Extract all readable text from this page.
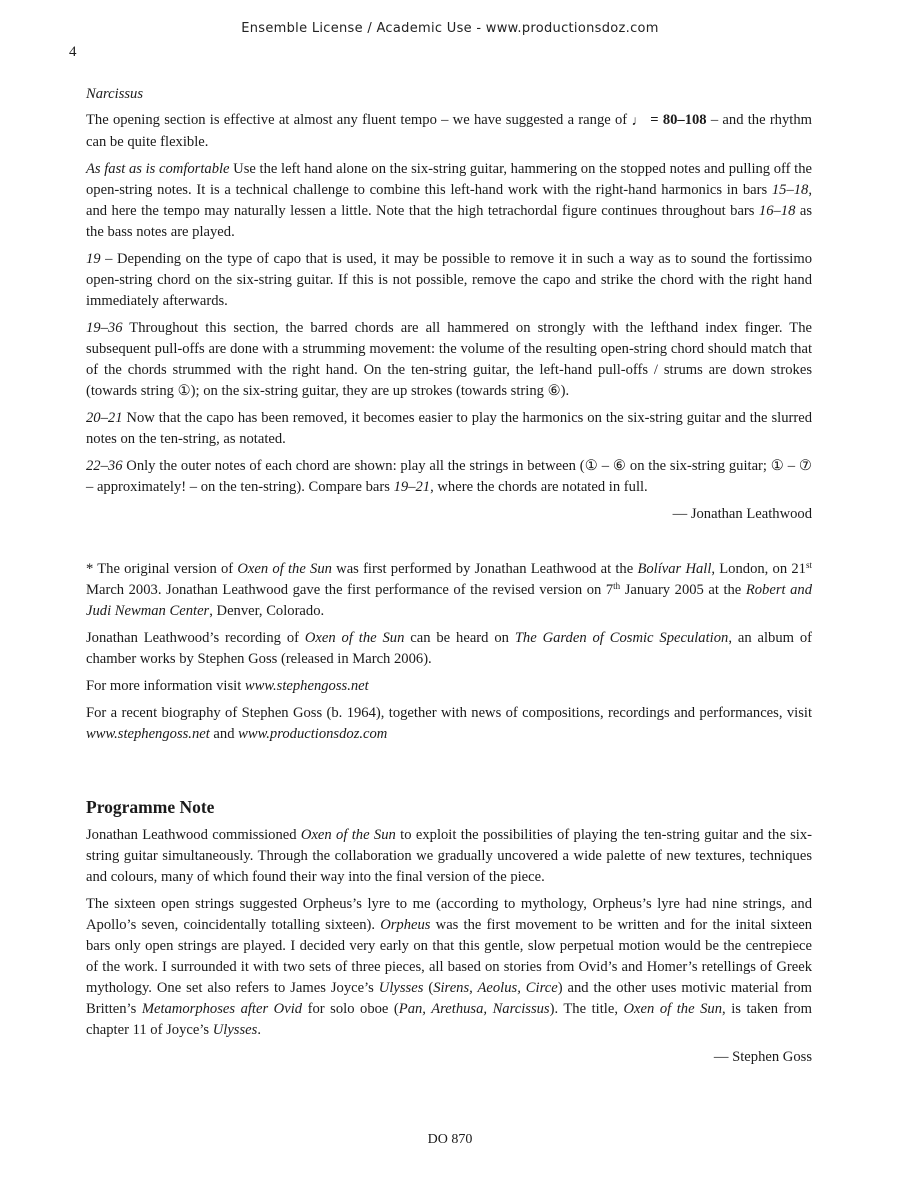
Ensemble License / Academic Use - www.productionsdoz.com
4

Narcissus

The opening section is effective at almost any fluent tempo – we have suggested a range of ♩ = 80–108 – and the rhythm can be quite flexible.

As fast as is comfortable Use the left hand alone on the six-string guitar, hammering on the stopped notes and pulling off the open-string notes. It is a technical challenge to combine this left-hand work with the right-hand harmonics in bars 15–18, and here the tempo may naturally lessen a little. Note that the high tetrachordal figure continues throughout bars 16–18 as the bass notes are played.

19 – Depending on the type of capo that is used, it may be possible to remove it in such a way as to sound the fortissimo open-string chord on the six-string guitar. If this is not possible, remove the capo and strike the chord with the right hand immediately afterwards.

19–36 Throughout this section, the barred chords are all hammered on strongly with the lefthand index finger. The subsequent pull-offs are done with a strumming movement: the volume of the resulting open-string chord should match that of the chords strummed with the right hand. On the ten-string guitar, the left-hand pull-offs / strums are down strokes (towards string ①); on the six-string guitar, they are up strokes (towards string ⑥).

20–21 Now that the capo has been removed, it becomes easier to play the harmonics on the six-string guitar and the slurred notes on the ten-string, as notated.

22–36 Only the outer notes of each chord are shown: play all the strings in between (① – ⑥ on the six-string guitar; ① – ⑦ – approximately! – on the ten-string). Compare bars 19–21, where the chords are notated in full.

— Jonathan Leathwood

* The original version of Oxen of the Sun was first performed by Jonathan Leathwood at the Bolívar Hall, London, on 21st March 2003. Jonathan Leathwood gave the first performance of the revised version on 7th January 2005 at the Robert and Judi Newman Center, Denver, Colorado.

Jonathan Leathwood’s recording of Oxen of the Sun can be heard on The Garden of Cosmic Speculation, an album of chamber works by Stephen Goss (released in March 2006).

For more information visit www.stephengoss.net

For a recent biography of Stephen Goss (b. 1964), together with news of compositions, recordings and performances, visit www.stephengoss.net and www.productionsdoz.com

Programme Note

Jonathan Leathwood commissioned Oxen of the Sun to exploit the possibilities of playing the ten-string guitar and the six-string guitar simultaneously. Through the collaboration we gradually uncovered a wide palette of new textures, techniques and colours, many of which found their way into the final version of the piece.

The sixteen open strings suggested Orpheus’s lyre to me (according to mythology, Orpheus’s lyre had nine strings, and Apollo’s seven, coincidentally totalling sixteen). Orpheus was the first movement to be written and for the inital sixteen bars only open strings are played. I decided very early on that this gentle, slow perpetual motion would be the centrepiece of the work. I surrounded it with two sets of three pieces, all based on stories from Ovid’s and Homer’s retellings of Greek mythology. One set also refers to James Joyce’s Ulysses (Sirens, Aeolus, Circe) and the other uses motivic material from Britten’s Metamorphoses after Ovid for solo oboe (Pan, Arethusa, Narcissus). The title, Oxen of the Sun, is taken from chapter 11 of Joyce’s Ulysses.

— Stephen Goss

DO 870
